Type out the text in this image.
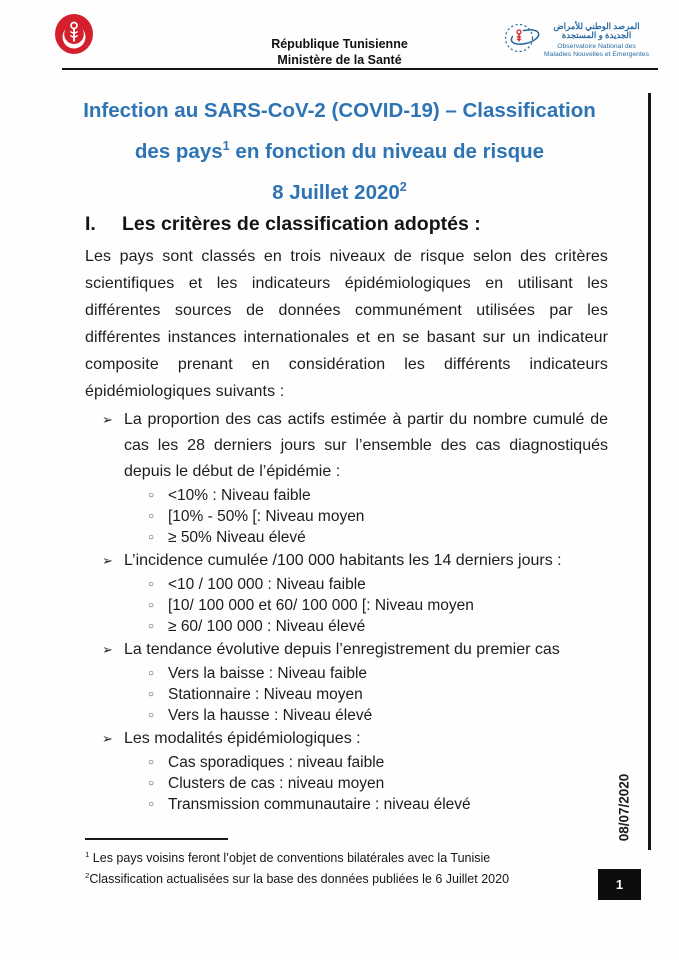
République Tunisienne
Ministère de la Santé
المرصد الوطني للأمراض
الجديدة و المستجدة
Observatoire National des
Maladies Nouvelles et Emergentes
Infection au SARS-CoV-2 (COVID-19) – Classification
des pays$^1$ en fonction du niveau de risque
8 Juillet 2020$^2$
I. Les critères de classification adoptés :
Les pays sont classés en trois niveaux de risque selon des critères scientifiques et les indicateurs épidémiologiques en utilisant les différentes sources de données communément utilisées par les différentes instances internationales et en se basant sur un indicateur composite prenant en considération les différents indicateurs épidémiologiques suivants :
➢ La proportion des cas actifs estimée à partir du nombre cumulé de cas les 28 derniers jours sur l’ensemble des cas diagnostiqués depuis le début de l’épidémie :
○ <10% : Niveau faible
○ [10% - 50% [: Niveau moyen
○ ≥ 50% Niveau élevé
➢ L’incidence cumulée /100 000 habitants les 14 derniers jours :
○ <10 / 100 000 : Niveau faible
○ [10/ 100 000 et 60/ 100 000 [: Niveau moyen
○ ≥ 60/ 100 000 : Niveau élevé
➢ La tendance évolutive depuis l’enregistrement du premier cas
○ Vers la baisse : Niveau faible
○ Stationnaire : Niveau moyen
○ Vers la hausse : Niveau élevé
➢ Les modalités épidémiologiques :
○ Cas sporadiques : niveau faible
○ Clusters de cas : niveau moyen
○ Transmission communautaire : niveau élevé
$^1$ Les pays voisins feront l’objet de conventions bilatérales avec la Tunisie
$^2$Classification actualisées sur la base des données publiées le 6 Juillet 2020
08/07/2020
1
